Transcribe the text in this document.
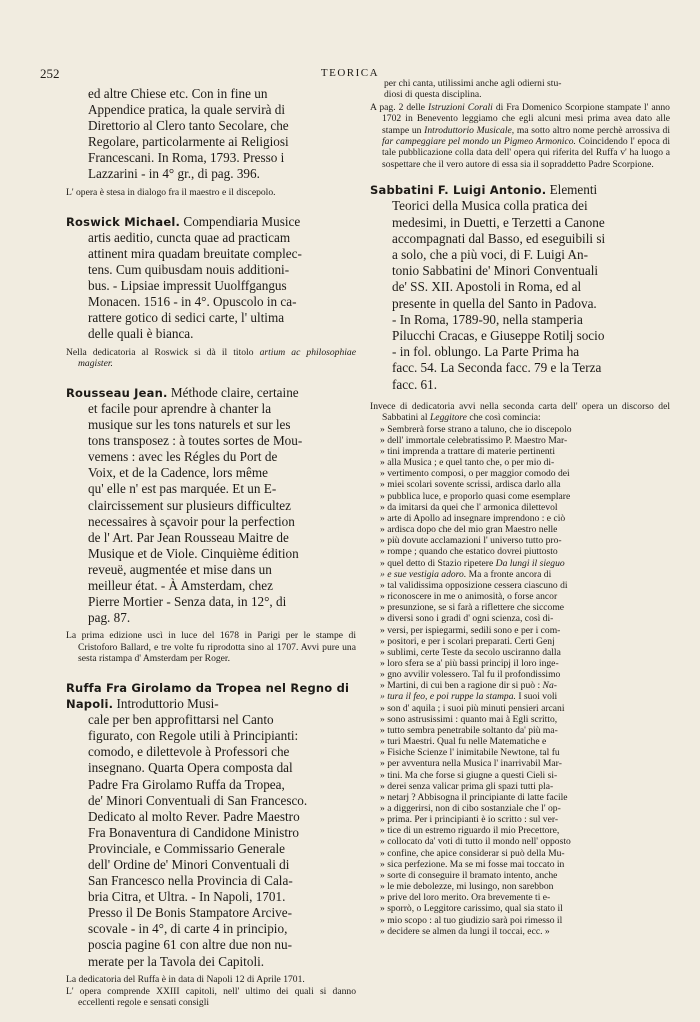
252	TEORICA
ed altre Chiese etc. Con in fine un
Appendice pratica, la quale servirà di
Direttorio al Clero tanto Secolare, che
Regolare, particolarmente ai Religiosi
Francescani. In Roma, 1793. Presso i
Lazzarini - in 4° gr., di pag. 396.
L' opera è stesa in dialogo fra il maestro e il discepolo.
Roswick Michael. Compendiaria Musice
artis aeditio, cuncta quae ad practicam
attinent mira quadam breuitate complec-
tens. Cum quibusdam nouis additioni-
bus. - Lipsiae impressit Uuolffgangus
Monacen. 1516 - in 4°. Opuscolo in ca-
rattere gotico di sedici carte, l' ultima
delle quali è bianca.
Nella dedicatoria al Roswick si dà il titolo artium ac philosophiae magister.
Rousseau Jean. Méthode claire, certaine
et facile pour aprendre à chanter la
musique sur les tons naturels et sur les
tons transposez : à toutes sortes de Mou-
vemens : avec les Régles du Port de
Voix, et de la Cadence, lors même
qu' elle n' est pas marquée. Et un E-
claircissement sur plusieurs difficultez
necessaires à sçavoir pour la perfection
de l' Art. Par Jean Rousseau Maitre de
Musique et de Viole. Cinquième édition
reveuë, augmentée et mise dans un
meilleur état. - À Amsterdam, chez
Pierre Mortier - Senza data, in 12°, di
pag. 87.
La prima edizione uscì in luce del 1678 in Parigi per le stampe di Cristoforo Ballard, e tre volte fu riprodotta sino al 1707. Avvi pure una sesta ristampa d' Amsterdam per Roger.
Ruffa Fra Girolamo da Tropea nel Regno di Napoli. Introduttorio Musi-
cale per ben approfittarsi nel Canto
figurato, con Regole utili à Principianti:
comodo, e dilettevole à Professori che
insegnano. Quarta Opera composta dal
Padre Fra Girolamo Ruffa da Tropea,
de' Minori Conventuali di San Francesco.
Dedicato al molto Rever. Padre Maestro
Fra Bonaventura di Candidone Ministro
Provinciale, e Commissario Generale
dell' Ordine de' Minori Conventuali di
San Francesco nella Provincia di Cala-
bria Citra, et Ultra. - In Napoli, 1701.
Presso il De Bonis Stampatore Arcive-
scovale - in 4°, di carte 4 in principio,
poscia pagine 61 con altre due non nu-
merate per la Tavola dei Capitoli.
La dedicatoria del Ruffa è in data di Napoli 12 di Aprile 1701.
L' opera comprende XXIII capitoli, nell' ultimo dei quali si danno eccellenti regole e sensati consigli
per chi canta, utilissimi anche agli odierni stu-
diosi di questa disciplina.
A pag. 2 delle Istruzioni Corali di Fra Domenico Scorpione stampate l' anno 1702 in Benevento leggiamo che egli alcuni mesi prima avea dato alle stampe un Introduttorio Musicale, ma sotto altro nome perchè arrossiva di far campeggiare pel mondo un Pigmeo Armonico. Coincidendo l' epoca di tale pubblicazione colla data dell' opera qui riferita del Ruffa v' ha luogo a sospettare che il vero autore di essa sia il sopraddetto Padre Scorpione.
Sabbatini F. Luigi Antonio. Elementi
Teorici della Musica colla pratica dei
medesimi, in Duetti, e Terzetti a Canone
accompagnati dal Basso, ed eseguibili si
a solo, che a più voci, di F. Luigi An-
tonio Sabbatini de' Minori Conventuali
de' SS. XII. Apostoli in Roma, ed al
presente in quella del Santo in Padova.
- In Roma, 1789-90, nella stamperia
Pilucchi Cracas, e Giuseppe Rotilj socio
- in fol. oblungo. La Parte Prima ha
facc. 54. La Seconda facc. 79 e la Terza
facc. 61.
Invece di dedicatoria avvi nella seconda carta dell' opera un discorso del Sabbatini al Leggitore che così comincia:
» Sembrerà forse strano a taluno, che io discepolo
» dell' immortale celebratissimo P. Maestro Mar-
» tini imprenda a trattare di materie pertinenti
» alla Musica ; e quel tanto che, o per mio di-
» vertimento composi, o per maggior comodo dei
» miei scolari sovente scrissi, ardisca darlo alla
» pubblica luce, e proporlo quasi come esemplare
» da imitarsi da quei che l' armonica dilettevol
» arte di Apollo ad insegnare imprendono : e ciò
» ardisca dopo che del mio gran Maestro nelle
» più dovute acclamazioni l' universo tutto pro-
» rompe ; quando che estatico dovrei piuttosto
» quel detto di Stazio ripetere Da lungi il sieguo
» e sue vestigia adoro. Ma a fronte ancora di
» tal validissima opposizione cessera ciascuno di
» riconoscere in me o animosità, o forse ancor
» presunzione, se si farà a riflettere che siccome
» diversi sono i gradi d' ogni scienza, così di-
» versi, per ispiegarmi, sedili sono e per i com-
» positori, e per i scolari preparati. Certi Genj
» sublimi, certe Teste da secolo usciranno dalla
» loro sfera se a' più bassi principj il loro inge-
» gno avvilir volessero. Tal fu il profondissimo
» Martini, di cui ben a ragione dir si può : Na-
» tura il feo, e poi ruppe la stampa. I suoi voli
» son d' aquila ; i suoi più minuti pensieri arcani
» sono astrusissimi : quanto mai à Egli scritto,
» tutto sembra penetrabile soltanto da' più ma-
» turi Maestri. Qual fu nelle Matematiche e
» Fisiche Scienze l' inimitabile Newtone, tal fu
» per avventura nella Musica l' inarrivabil Mar-
» tini. Ma che forse si giugne a questi Cieli si-
» derei senza valicar prima gli spazi tutti pla-
» netarj ? Abbisogna il principiante di latte facile
» a diggerirsi, non di cibo sostanziale che l' op-
» prima. Per i principianti è io scritto : sul ver-
» tice di un estremo riguardo il mio Precettore,
» collocato da' voti di tutto il mondo nell' opposto
» confine, che apice considerar si può della Mu-
» sica perfezione. Ma se mi fosse mai toccato in
» sorte di conseguire il bramato intento, anche
» le mie debolezze, mi lusingo, non sarebbon
» prive del loro merito. Ora brevemente ti e-
» sporrò, o Leggitore carissimo, qual sia stato il
» mio scopo : al tuo giudizio sarà poi rimesso il
» decidere se almen da lungi il toccai, ecc. »
